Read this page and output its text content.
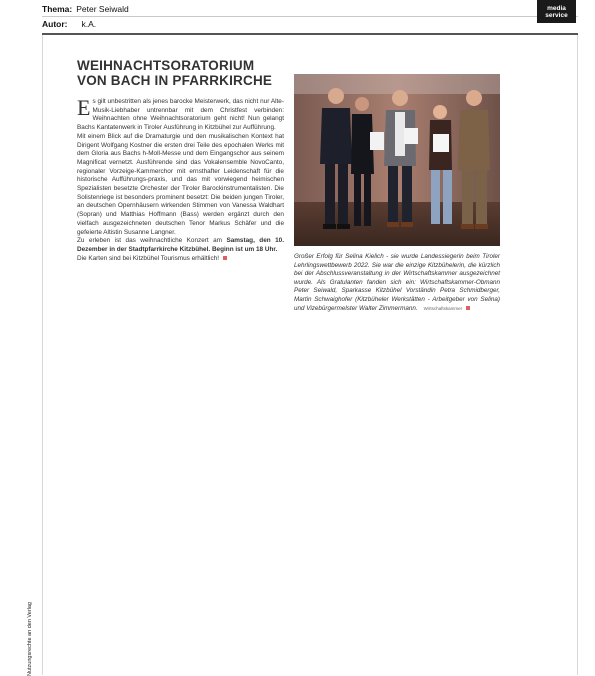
Thema: Peter Seiwald
Autor: k.A.
media
service
WEIHNACHTSORATORIUM
VON BACH IN PFARRKIRCHE

Es gilt unbestritten als jenes barocke Meisterwerk, das nicht nur Alte-Musik-Liebhaber untrennbar mit dem Christfest verbinden: Weihnachten ohne Weihnachtsoratorium geht nicht! Nun gelangt Bachs Kantatenwerk in Tiroler Ausführung in Kitzbühel zur Aufführung.

Mit einem Blick auf die Dramaturgie und den musikalischen Kontext hat Dirigent Wolfgang Kostner die ersten drei Teile des epochalen Werks mit dem Gloria aus Bachs h-Moll-Messe und dem Eingangschor aus seinem Magnificat vernetzt. Ausführende sind das Vokalensemble NovoCanto, regionaler Vorzeige-Kammerchor mit ernsthafter Leidenschaft für die historische Aufführungs-praxis, und das mit vorwiegend heimischen Spezialisten besetzte Orchester der Tiroler Barockinstrumentalisten. Die Solistenriege ist besonders prominent besetzt: Die beiden jungen Tiroler, an deutschen Opernhäusern wirkenden Stimmen von Vanessa Waldhart (Sopran) und Matthias Hoffmann (Bass) werden ergänzt durch den vielfach ausgezeichneten deutschen Tenor Markus Schäfer und die gefeierte Altistin Susanne Langner.

Zu erleben ist das weihnachtliche Konzert am Samstag, den 10. Dezember in der Stadtpfarrkirche Kitzbühel. Beginn ist um 18 Uhr.

Die Karten sind bei Kitzbühel Tourismus erhältlich!	Großer Erfolg für Selina Kielich - sie wurde Landessiegerin beim Tiroler Lehrlingswettbewerb 2022. Sie war die einzige Kitzbühelerin, die kürzlich bei der Abschlussveranstaltung in der Wirtschaftskammer ausgezeichnet wurde. Als Gratulanten fanden sich ein: Wirtschaftskammer-Obmann Peter Seiwald, Sparkasse Kitzbühel Vorständin Petra Schmidberger, Martin Schwaighofer (Kitzbüheler Werkstätten - Arbeitgeber von Selina) und Vizebürgermelster Walter Zimmermann. Wirtschaftskammer
Nutzungsrechte an den Verlag
